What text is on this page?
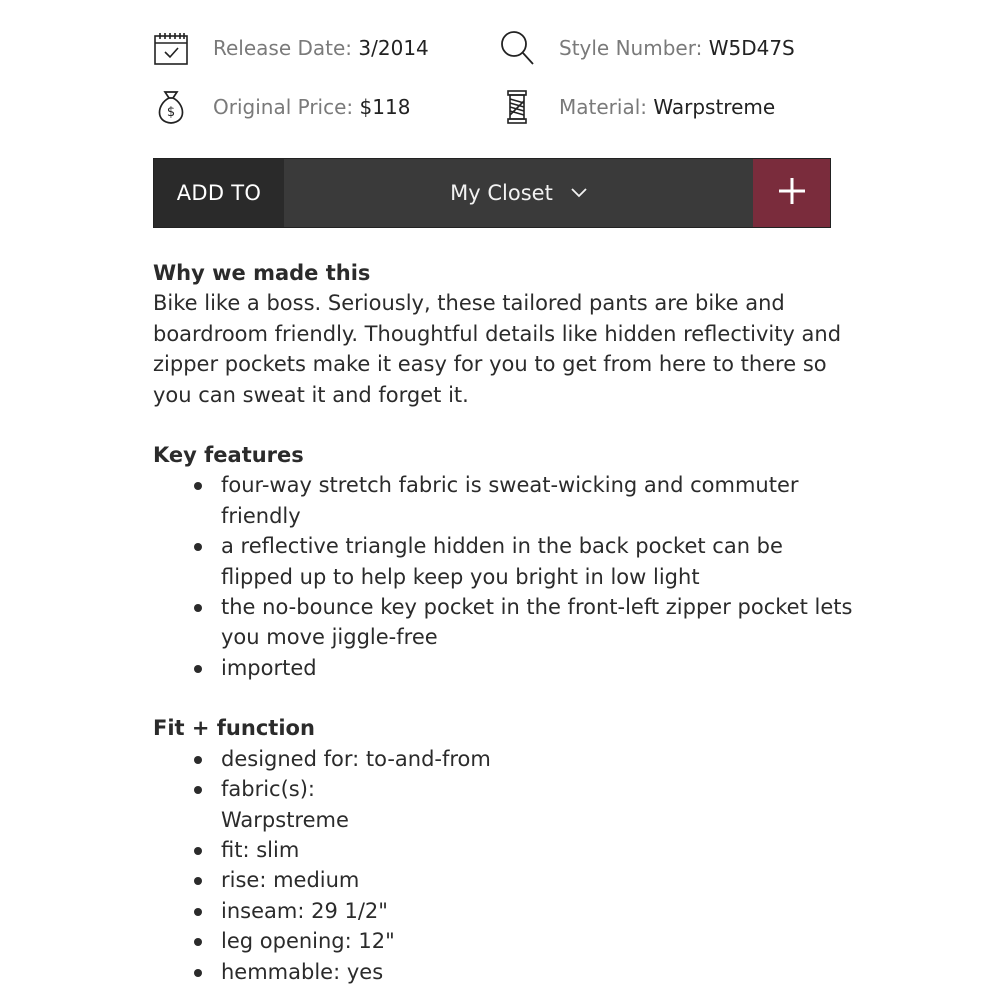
Release Date: 3/2014	Style Number: W5D47S
$ Original Price: $118	Material: Warpstreme
ADD TO	My Closet
Why we made this

Bike like a boss. Seriously, these tailored pants are bike and boardroom friendly. Thoughtful details like hidden reflectivity and zipper pockets make it easy for you to get from here to there so you can sweat it and forget it.

Key features
four-way stretch fabric is sweat-wicking and commuter friendly
a reflective triangle hidden in the back pocket can be flipped up to help keep you bright in low light
the no-bounce key pocket in the front-left zipper pocket lets you move jiggle-free
imported
Fit + function
designed for: to-and-from
fabric(s):
Warpstreme
fit: slim
rise: medium
inseam: 29 1/2"
leg opening: 12"
hemmable: yes
